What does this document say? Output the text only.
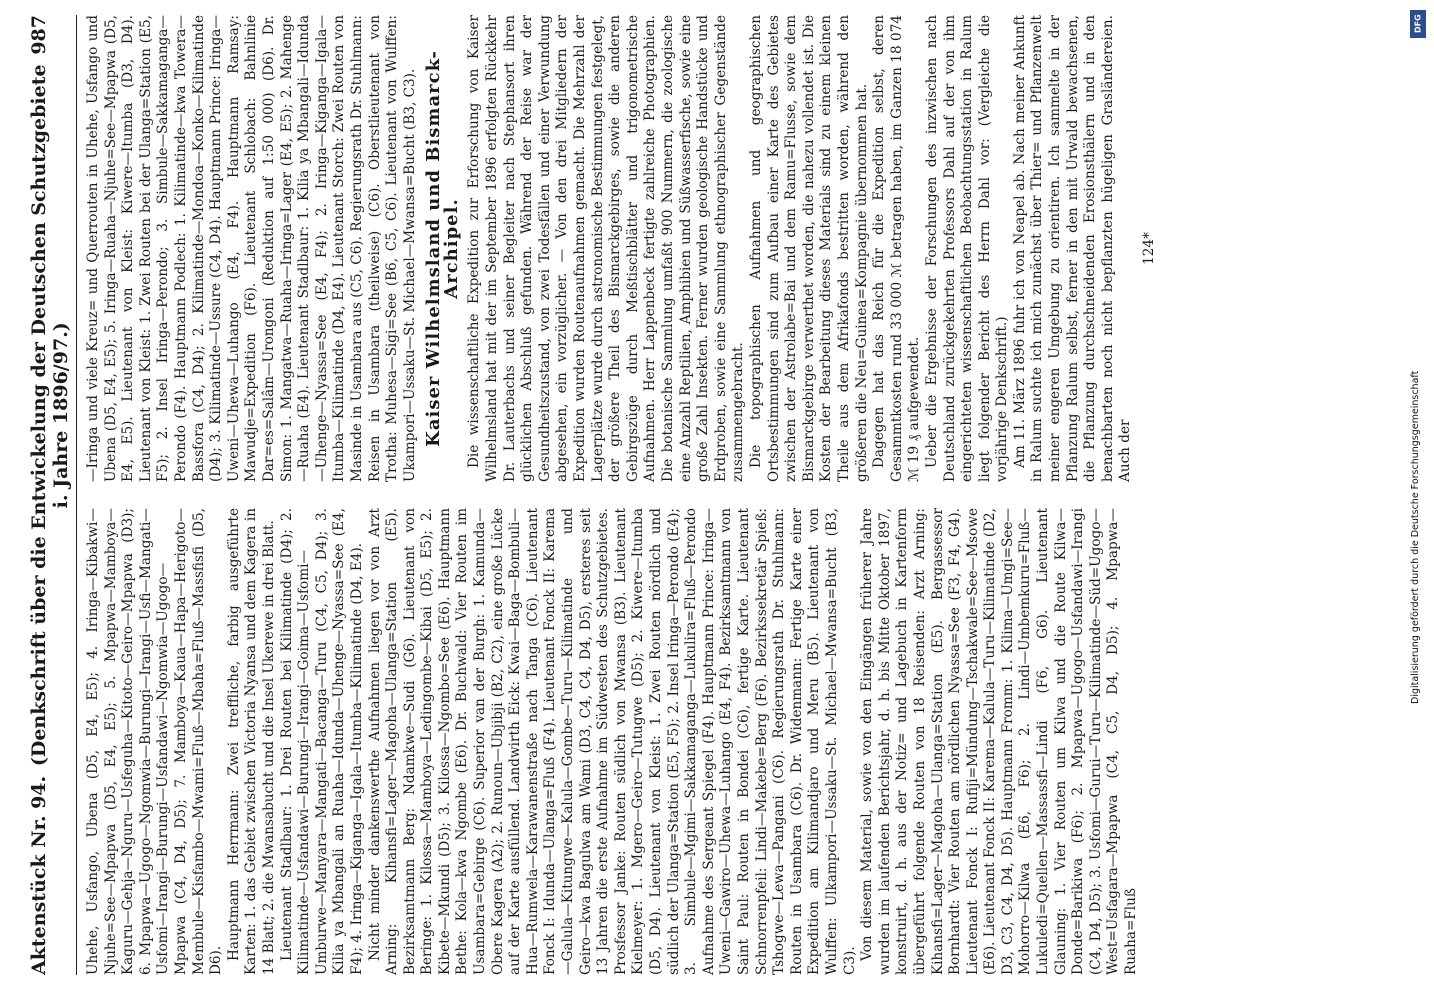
Aktenstück Nr. 94.
(Denkschrift über die Entwickelung der Deutschen Schutzgebiete i. Jahre 1896/97.)
987

Uhehe, Usfango, Ubena (D5, E4, E5); 4. Iringa—Kibakwi—Njuhe=See—Mpapwa (D5, E4, E5); 5. Mpapwa—Mamboya—Kaguru—Gehja—Nguru—Usfeguha—Kitoto—Geiro—Mpapwa (D3); 6. Mpapwa—Ugogo—Ngomwia—Burungi—Irangi—Usfi—Mangati—Usfomi—Irangi—Burungi—Usfandawi—Ngomwia—Ugogo—Mpapwa (C4, D4, D5); 7. Mamboya—Kaua—Hapa—Herigoto—Membule—Kisfambo—Mwami=Fluß—Mbaha=Fluß—Massfisfi (D5, D6). Hauptmann Herrmann: Zwei treffliche, farbig ausgeführte Karten: 1. das Gebiet zwischen Victoria Nyansa und dem Kagera in 14 Blatt; 2. die Mwansabucht und die Insel Ukerewe in drei Blatt. Lieutenant Stadlbaur: 1. Drei Routen bei Kilimatinde (D4); 2. Kilimatinde—Usfandawi—Burungi—Irangi—Goima—Usfomi—Umburwe—Manyara—Mangati—Bacanga—Turu (C4, C5, D4); 3. Kilia ya Mbangali an Ruaha—Idunda—Uhenge—Nyassa=See (E4, F4); 4. Iringa—Kiganga—Igala—Itumba—Kilimatinde (D4, E4). Nicht minder dankenswerthe Aufnahmen liegen vor von Arzt Arning: Kihansfi=Lager—Magoha—Ulanga=Station (E5). Bezirksamtmann Berg: Ndamkwe—Sudi (G6). Lieutenant von Beringe: 1. Kilossa—Mamboya—Ledingombe—Kibai (D5, E5); 2. Kibete—Mkundi (D5); 3. Kilossa—Ngombo=See (E6). Hauptmann Bethe: Kola—kwa Ngombe (E6). Dr. Buchwald: Vier Routen im Usambara=Gebirge (C6). Superior van der Burgh: 1. Kamunda—Obere Kagera (A2); 2. Runoun—Ubjibji (B2, C2), eine große Lücke auf der Karte ausfüllend. Landwirth Eick: Kwai—Baga—Bombuli—Hua—Rumwela—Karawanenstraße nach Tanga (C6). Lieutenant Fonck I: Idunda—Ulanga=Fluß (F4). Lieutenant Fonck II: Karema—Galula—Kitungwe—Kalula—Gombe—Turu—Kilimatinde und Geiro—kwa Bagulwa am Wami (D3, C4, C4, D4, D5), ersteres seit 13 Jahren die erste Aufnahme im Südwesten des Schutzgebietes. Prosfessor Janke: Routen südlich von Mwansa (B3). Lieutenant Kielmeyer: 1. Mgero—Geiro—Tutugwe (D5); 2. Kiwere—Itumba (D5, D4). Lieutenant von Kleist: 1. Zwei Routen nördlich und südlich der Ulanga=Station (E5, F5); 2. Insel Iringa—Perondo (E4); 3. Simbule—Mgimi—Sakkamaganga—Lukulira=Fluß—Perondo Aufnahme des Sergeant Spiegel (F4). Hauptmann Prince: Iringa—Uweni—Gawiro—Uhewa—Luhango (E4, F4). Bezirksamtmann von Saint Paul: Routen in Bondei (C6), fertige Karte. Lieutenant Schnorrenpfeil: Lindi—Makebe=Berg (F6). Bezirkssekretär Spieß: Tshogwe—Lewa—Pangani (C6). Regierungsrath Dr. Stuhlmann: Routen in Usambara (C6). Dr. Widenmann: Fertige Karte einer Expedition am Kilimandjaro und Meru (B5). Lieutenant von Wulffen: Ulkampori—Ussaku—St. Michael—Mwansa=Bucht (B3, C3). Von diesem Material, sowie von den Eingängen früherer Jahre wurden im laufenden Berichtsjahr, d. h. bis Mitte Oktober 1897, konstruirt, d. h. aus der Notiz= und Lagebuch in Kartenform übergeführt folgende Routen von 18 Reisenden: Arzt Arning: Kihansfi=Lager—Magoha—Ulanga=Station (E5). Bergassessor Bornhardt: Vier Routen am nördlichen Nyassa=See (F3, F4, G4). Lieutenant Fonck I: Rufiji=Mündung—Tschakwale=See—Msowe (E6). Lieutenant Fonck II: Karema—Kalula—Turu—Kilimatinde (D2, D3, C3, C4, D4, D5). Hauptmann Fromm: 1. Kilima—Umgi=See—Mohorro—Kilwa (E6, F6); 2. Lindi—Umbemkuru=Fluß—Lukuledi=Quellen—Massassfi—Lindi (F6, G6). Lieutenant Glauning: 1. Vier Routen um Kilwa und die Route Kilwa—Donde=Barikiwa (F6); 2. Mpapwa—Ugogo—Usfandawi—Irangi (C4, D4, D5); 3. Usfomi—Gurui—Turu—Kilimatinde—Süd=Ugogo—West=Usfagara—Mpapwa (C4, C5, D4, D5); 4. Mpapwa—Ruaha=Fluß

—Iringa und viele Kreuz= und Querrouten in Uhehe, Usfango und Ubena (D5, E4, E5); 5. Iringa—Ruaha—Njuhe=See—Mpapwa (D5, E4, E5). Lieutenant von Kleist: Kiwere—Itumba (D3, D4). Lieutenant von Kleist: 1. Zwei Routen bei der Ulanga=Station (E5, F5); 2. Insel Iringa—Perondo; 3. Simbule—Sakkamaganga—Perondo (F4). Hauptmann Podlech: 1. Kilimatinde—kwa Towera—Bassfora (C4, D4); 2. Kilimatinde—Mondoa—Konko—Kilimatinde (D4); 3. Kilimatinde—Ussure (C4, D4). Hauptmann Prince: Iringa—Uweni—Uhewa—Luhango (E4, F4). Hauptmann Ramsay: Mawudje=Expedition (F6). Lieutenant Schlobach: Bahnlinie Dar=es=Salâm—Urongoni (Reduktion auf 1:50 000) (D6). Dr. Simon: 1. Mangatwa—Ruaha—Iringa=Lager (E4, E5); 2. Mahenge—Ruaha (E4). Lieutenant Stadlbaur: 1. Kilia ya Mbangali—Idunda—Uhenge—Nyassa=See (E4, F4); 2. Iringa—Kiganga—Igala—Itumba—Kilimatinde (D4, E4). Lieutenant Storch: Zwei Routen von Masinde in Usambara aus (C5, C6). Regierungsrath Dr. Stuhlmann: Reisen in Usambara (theilweise) (C6). Oberstlieutenant von Trotha: Muhesa—Sigi=See (B6, C5, C6). Lieutenant von Wulffen: Ukampori—Ussaku—St. Michael—Mwansa=Bucht (B3, C3). Kaiser Wilhelmsland und Bismarck-Archipel. Die wissenschaftliche Expedition zur Erforschung von Kaiser Wilhelmsland hat mit der im September 1896 erfolgten Rückkehr Dr. Lauterbachs und seiner Begleiter nach Stephansort ihren glücklichen Abschluß gefunden. Während der Reise war der Gesundheitszustand, von zwei Todesfällen und einer Verwundung abgesehen, ein vorzüglicher. — Von den drei Mitgliedern der Expedition wurden Routenaufnahmen gemacht. Die Mehrzahl der Lagerplätze wurde durch astronomische Bestimmungen festgelegt, der größere Theil des Bismarckgebirges, sowie die anderen Gebirgszüge durch Meßtischblätter und trigonometrische Aufnahmen. Herr Lappenbeck fertigte zahlreiche Photographien. Die botanische Sammlung umfaßt 900 Nummern, die zoologische eine Anzahl Reptilien, Amphibien und Süßwasserfische, sowie eine große Zahl Insekten. Ferner wurden geologische Handstücke und Erdproben, sowie eine Sammlung ethnographischer Gegenstände zusammengebracht. Die topographischen Aufnahmen und geographischen Ortsbestimmungen sind zum Aufbau einer Karte des Gebietes zwischen der Astrolabe=Bai und dem Ramu=Flusse, sowie dem Bismarckgebirge verwerthet worden, die nahezu vollendet ist. Die Kosten der Bearbeitung dieses Materials sind zu einem kleinen Theile aus dem Afrikafonds bestritten worden, während den größeren die Neu=Guinea=Kompagnie übernommen hat. Dagegen hat das Reich für die Expedition selbst, deren Gesammtkosten rund 33 000 ℳ betragen haben, im Ganzen 18 074 ℳ 19 ₰ aufgewendet. Ueber die Ergebnisse der Forschungen des inzwischen nach Deutschland zurückgekehrten Professors Dahl auf der von ihm eingerichteten wissenschaftlichen Beobachtungsstation in Ralum liegt folgender Bericht des Herrn Dahl vor: (Vergleiche die vorjährige Denkschrift.) Am 11. März 1896 fuhr ich von Neapel ab. Nach meiner Ankunft in Ralum suchte ich mich zunächst über Thier= und Pflanzenwelt meiner engeren Umgebung zu orientiren. Ich sammelte in der Pflanzung Ralum selbst, ferner in den mit Urwald bewachsenen, die Pflanzung durchschneidenden Erosionsthälern und in den benachbarten noch nicht bepflanzten hügeligen Grasländereien. Auch der

124*
DFG
Digitalisierung gefördert durch die Deutsche Forschungsgemeinschaft
